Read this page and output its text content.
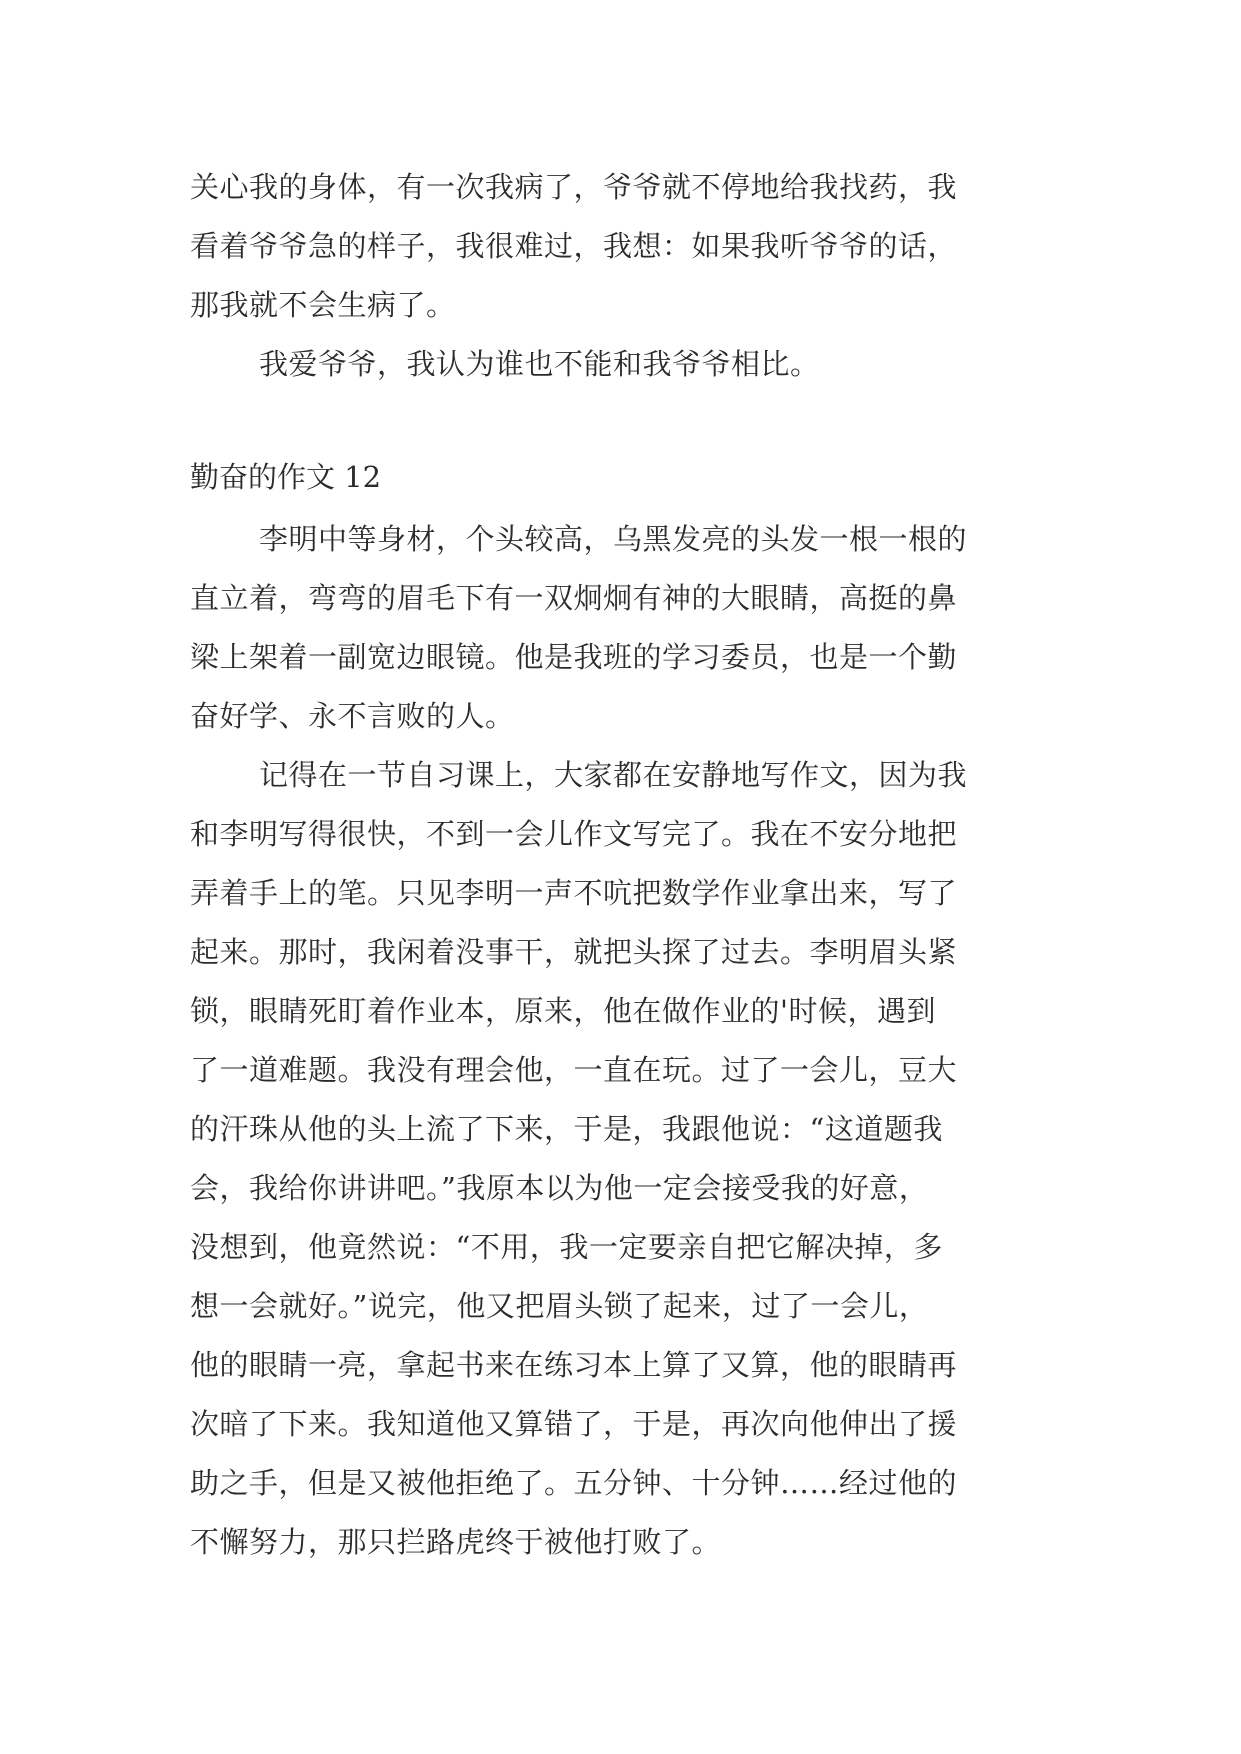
关心我的身体，有一次我病了，爷爷就不停地给我找药，我
看着爷爷急的样子，我很难过，我想：如果我听爷爷的话，
那我就不会生病了。
我爱爷爷，我认为谁也不能和我爷爷相比。
勤奋的作文 12
李明中等身材，个头较高，乌黑发亮的头发一根一根的
直立着，弯弯的眉毛下有一双炯炯有神的大眼睛，高挺的鼻
梁上架着一副宽边眼镜。他是我班的学习委员，也是一个勤
奋好学、永不言败的人。
记得在一节自习课上，大家都在安静地写作文，因为我
和李明写得很快，不到一会儿作文写完了。我在不安分地把
弄着手上的笔。只见李明一声不吭把数学作业拿出来，写了
起来。那时，我闲着没事干，就把头探了过去。李明眉头紧
锁，眼睛死盯着作业本，原来，他在做作业的'时候，遇到
了一道难题。我没有理会他，一直在玩。过了一会儿，豆大
的汗珠从他的头上流了下来，于是，我跟他说：“这道题我
会，我给你讲讲吧。”我原本以为他一定会接受我的好意，
没想到，他竟然说：“不用，我一定要亲自把它解决掉，多
想一会就好。”说完，他又把眉头锁了起来，过了一会儿，
他的眼睛一亮，拿起书来在练习本上算了又算，他的眼睛再
次暗了下来。我知道他又算错了，于是，再次向他伸出了援
助之手，但是又被他拒绝了。五分钟、十分钟……经过他的
不懈努力，那只拦路虎终于被他打败了。
